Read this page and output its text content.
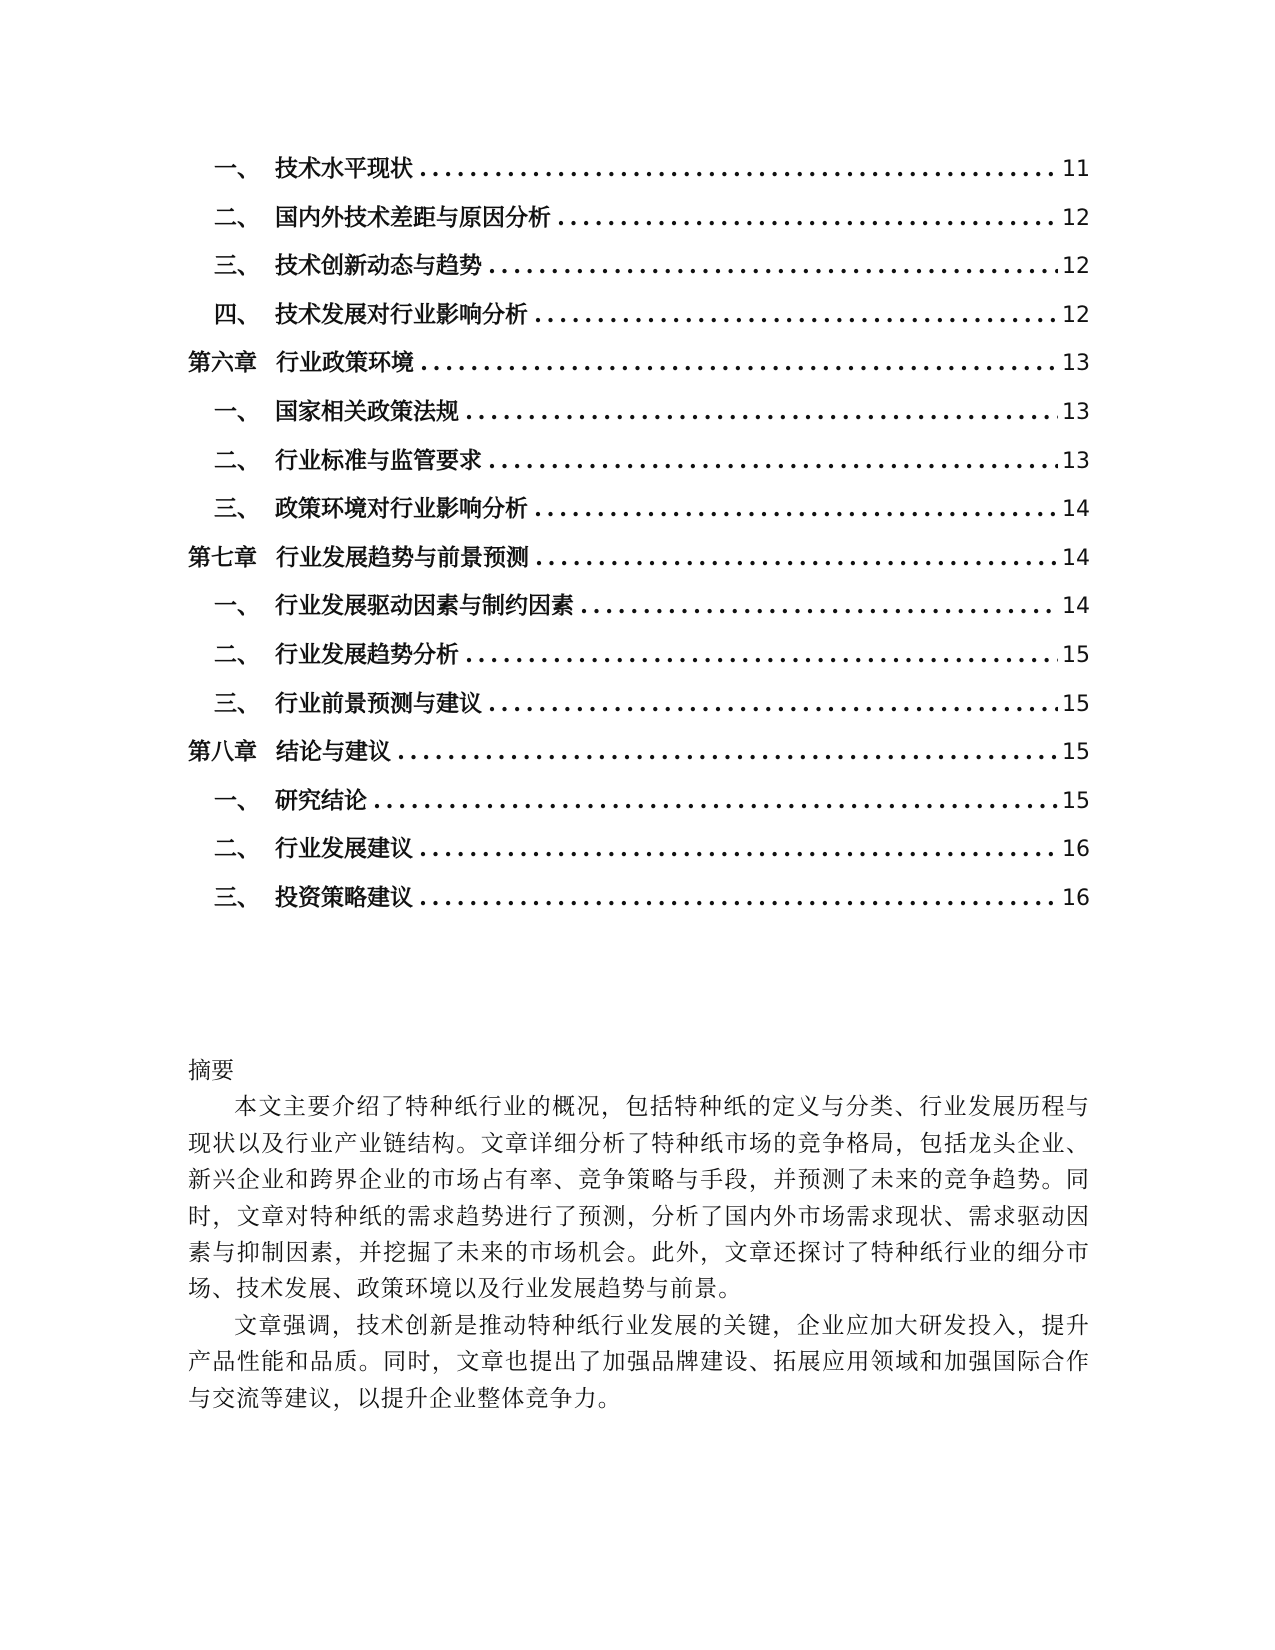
一、 技术水平现状 .....	11
二、 国内外技术差距与原因分析 .....	12
三、 技术创新动态与趋势 .....	12
四、 技术发展对行业影响分析 .....	12
第六章 行业政策环境 .....	13
一、 国家相关政策法规 .....	13
二、 行业标准与监管要求 .....	13
三、 政策环境对行业影响分析 .....	14
第七章 行业发展趋势与前景预测 .....	14
一、 行业发展驱动因素与制约因素 .....	14
二、 行业发展趋势分析 .....	15
三、 行业前景预测与建议 .....	15
第八章 结论与建议 .....	15
一、 研究结论 .....	15
二、 行业发展建议 .....	16
三、 投资策略建议 .....	16

摘要

本文主要介绍了特种纸行业的概况，包括特种纸的定义与分类、行业发展历程与现状以及行业产业链结构。文章详细分析了特种纸市场的竞争格局，包括龙头企业、新兴企业和跨界企业的市场占有率、竞争策略与手段，并预测了未来的竞争趋势。同时，文章对特种纸的需求趋势进行了预测，分析了国内外市场需求现状、需求驱动因素与抑制因素，并挖掘了未来的市场机会。此外，文章还探讨了特种纸行业的细分市场、技术发展、政策环境以及行业发展趋势与前景。

文章强调，技术创新是推动特种纸行业发展的关键，企业应加大研发投入，提升产品性能和品质。同时，文章也提出了加强品牌建设、拓展应用领域和加强国际合作与交流等建议，以提升企业整体竞争力。
